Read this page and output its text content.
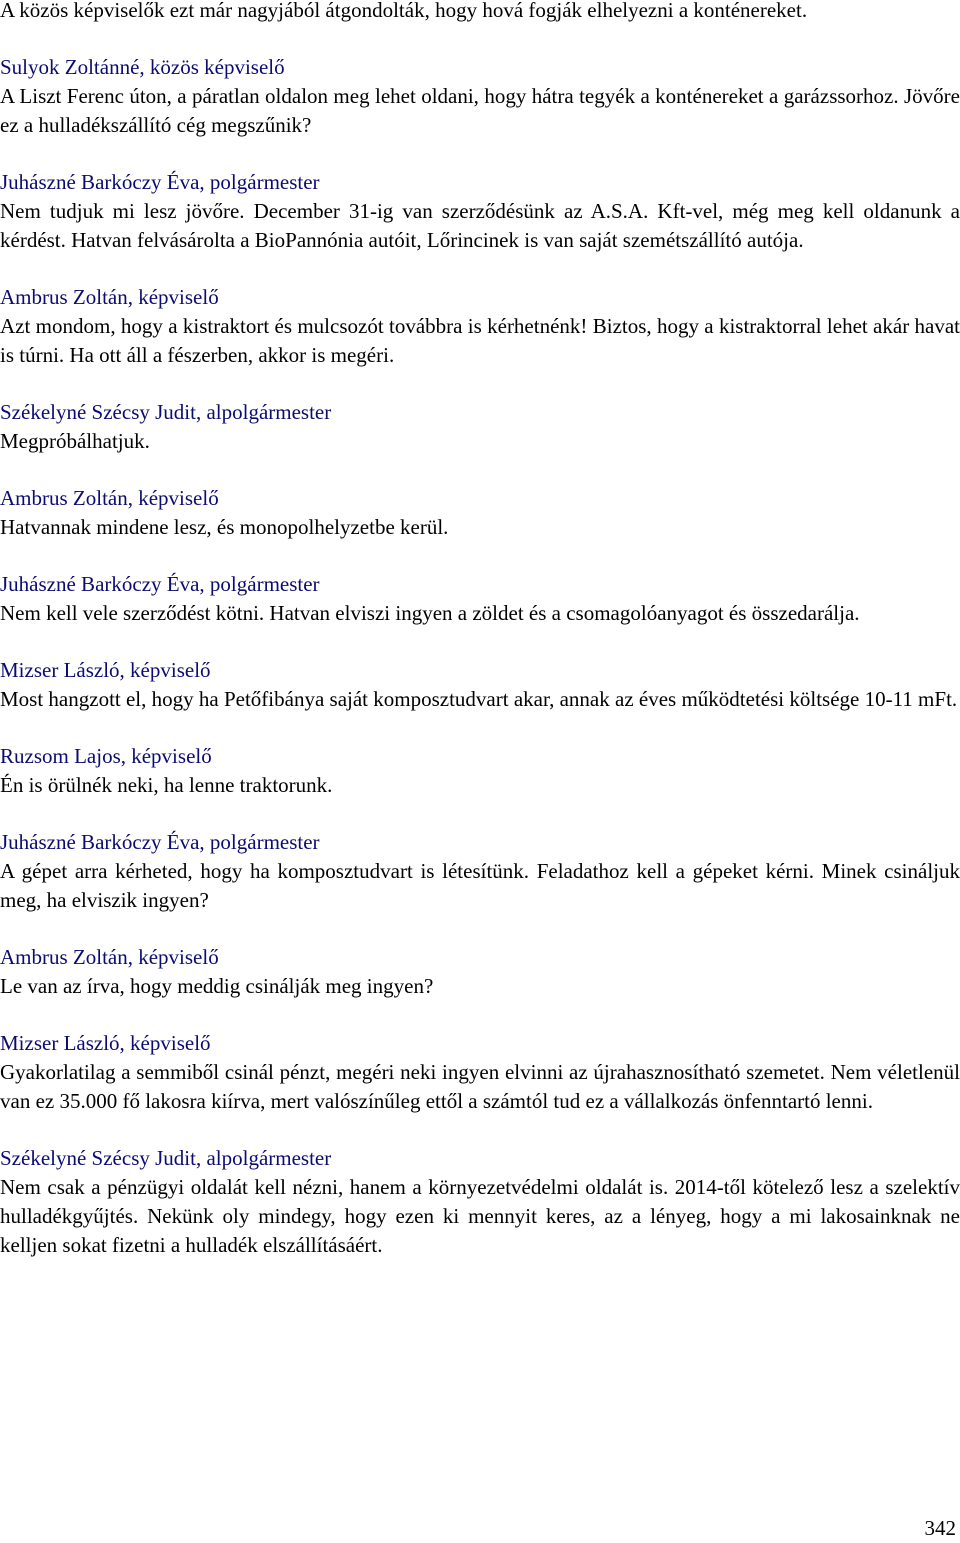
A közös képviselők ezt már nagyjából átgondolták, hogy hová fogják elhelyezni a konténereket.

Sulyok Zoltánné, közös képviselő

A Liszt Ferenc úton, a páratlan oldalon meg lehet oldani, hogy hátra tegyék a konténereket a garázssorhoz. Jövőre ez a hulladékszállító cég megszűnik?

Juhászné Barkóczy Éva, polgármester

Nem tudjuk mi lesz jövőre. December 31-ig van szerződésünk az A.S.A. Kft-vel, még meg kell oldanunk a kérdést. Hatvan felvásárolta a BioPannónia autóit, Lőrincinek is van saját szemétszállító autója.

Ambrus Zoltán, képviselő

Azt mondom, hogy a kistraktort és mulcsozót továbbra is kérhetnénk! Biztos, hogy a kistraktorral lehet akár havat is túrni. Ha ott áll a fészerben, akkor is megéri.

Székelyné Szécsy Judit, alpolgármester

Megpróbálhatjuk.

Ambrus Zoltán, képviselő

Hatvannak mindene lesz, és monopolhelyzetbe kerül.

Juhászné Barkóczy Éva, polgármester

Nem kell vele szerződést kötni. Hatvan elviszi ingyen a zöldet és a csomagolóanyagot és összedarálja.

Mizser László, képviselő

Most hangzott el, hogy ha Petőfibánya saját komposztudvart akar, annak az éves működtetési költsége 10-11 mFt.

Ruzsom Lajos, képviselő

Én is örülnék neki, ha lenne traktorunk.

Juhászné Barkóczy Éva, polgármester

A gépet arra kérheted, hogy ha komposztudvart is létesítünk. Feladathoz kell a gépeket kérni. Minek csináljuk meg, ha elviszik ingyen?

Ambrus Zoltán, képviselő

Le van az írva, hogy meddig csinálják meg ingyen?

Mizser László, képviselő

Gyakorlatilag a semmiből csinál pénzt, megéri neki ingyen elvinni az újrahasznosítható szemetet. Nem véletlenül van ez 35.000 fő lakosra kiírva, mert valószínűleg ettől a számtól tud ez a vállalkozás önfenntartó lenni.

Székelyné Szécsy Judit, alpolgármester

Nem csak a pénzügyi oldalát kell nézni, hanem a környezetvédelmi oldalát is. 2014-től kötelező lesz a szelektív hulladékgyűjtés. Nekünk oly mindegy, hogy ezen ki mennyit keres, az a lényeg, hogy a mi lakosainknak ne kelljen sokat fizetni a hulladék elszállításáért.

342
